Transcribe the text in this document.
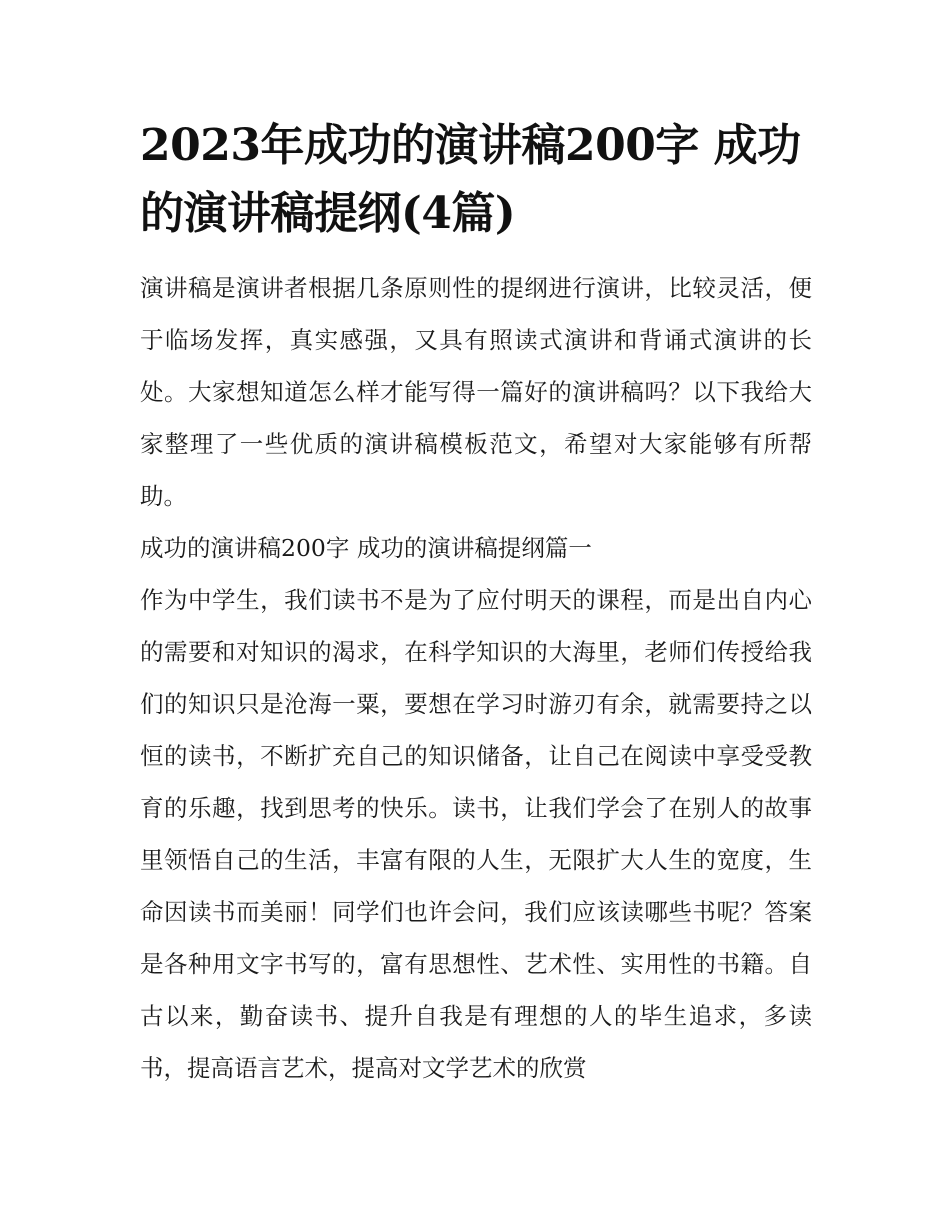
2023年成功的演讲稿200字 成功的演讲稿提纲(4篇)

演讲稿是演讲者根据几条原则性的提纲进行演讲，比较灵活，便于临场发挥，真实感强，又具有照读式演讲和背诵式演讲的长处。大家想知道怎么样才能写得一篇好的演讲稿吗？以下我给大家整理了一些优质的演讲稿模板范文，希望对大家能够有所帮助。

成功的演讲稿200字 成功的演讲稿提纲篇一

作为中学生，我们读书不是为了应付明天的课程，而是出自内心的需要和对知识的渴求，在科学知识的大海里，老师们传授给我们的知识只是沧海一粟，要想在学习时游刃有余，就需要持之以恒的读书，不断扩充自己的知识储备，让自己在阅读中享受受教育的乐趣，找到思考的快乐。读书，让我们学会了在别人的故事里领悟自己的生活，丰富有限的人生，无限扩大人生的宽度，生命因读书而美丽！同学们也许会问，我们应该读哪些书呢？答案是各种用文字书写的，富有思想性、艺术性、实用性的书籍。自古以来，勤奋读书、提升自我是有理想的人的毕生追求，多读书，提高语言艺术，提高对文学艺术的欣赏
